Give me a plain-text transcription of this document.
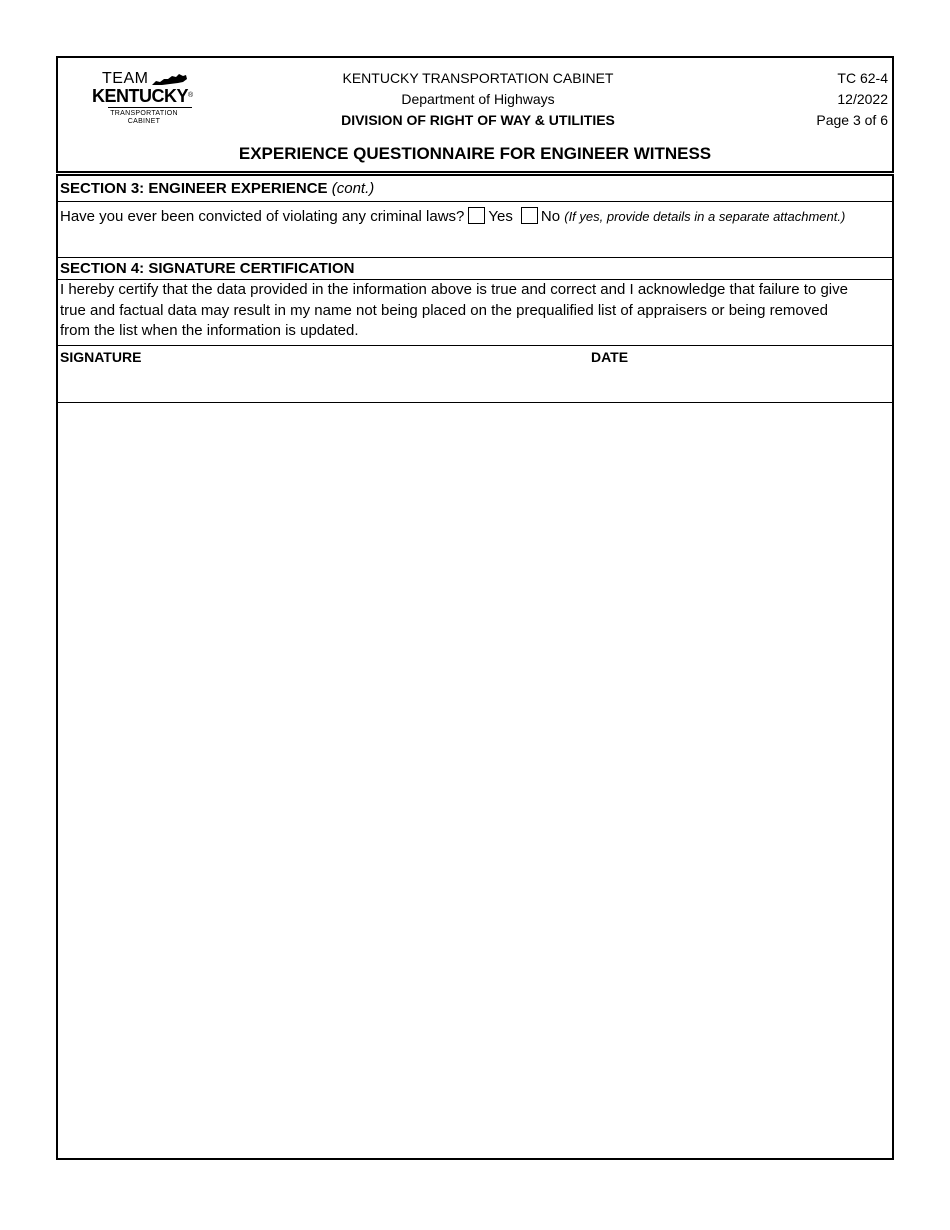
TEAM
KENTUCKY®
TRANSPORTATION
CABINET
KENTUCKY TRANSPORTATION CABINET
Department of Highways
DIVISION OF RIGHT OF WAY & UTILITIES
TC 62-4
12/2022
Page 3 of 6
EXPERIENCE QUESTIONNAIRE FOR ENGINEER WITNESS
SECTION 3: ENGINEER EXPERIENCE (cont.)
Have you ever been convicted of violating any criminal laws? Yes No (If yes, provide details in a separate attachment.)
SECTION 4: SIGNATURE CERTIFICATION
I hereby certify that the data provided in the information above is true and correct and I acknowledge that failure to give
true and factual data may result in my name not being placed on the prequalified list of appraisers or being removed
from the list when the information is updated.
SIGNATURE	DATE
